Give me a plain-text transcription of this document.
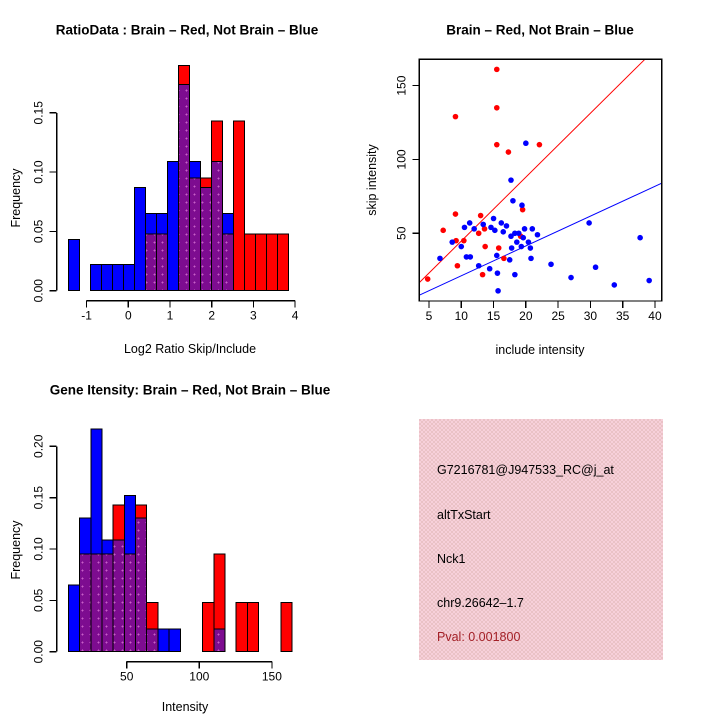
0.00
0.05
0.10
0.15
-1	0	1	2	3	4	5 10 15 20 25 30 35 40
50
100
150
0.00
0.05
0.10
0.15
0.20
50	100	150
RatioData : Brain – Red, Not Brain – Blue	Brain – Red, Not Brain – Blue
Gene Itensity: Brain – Red, Not Brain – Blue
Log2 Ratio Skip/Include
Frequency
include intensity
skip intensity
Intensity
Frequency
G7216781@J947533_RC@j_at
altTxStart
Nck1
chr9.26642–1.7
Pval: 0.001800
